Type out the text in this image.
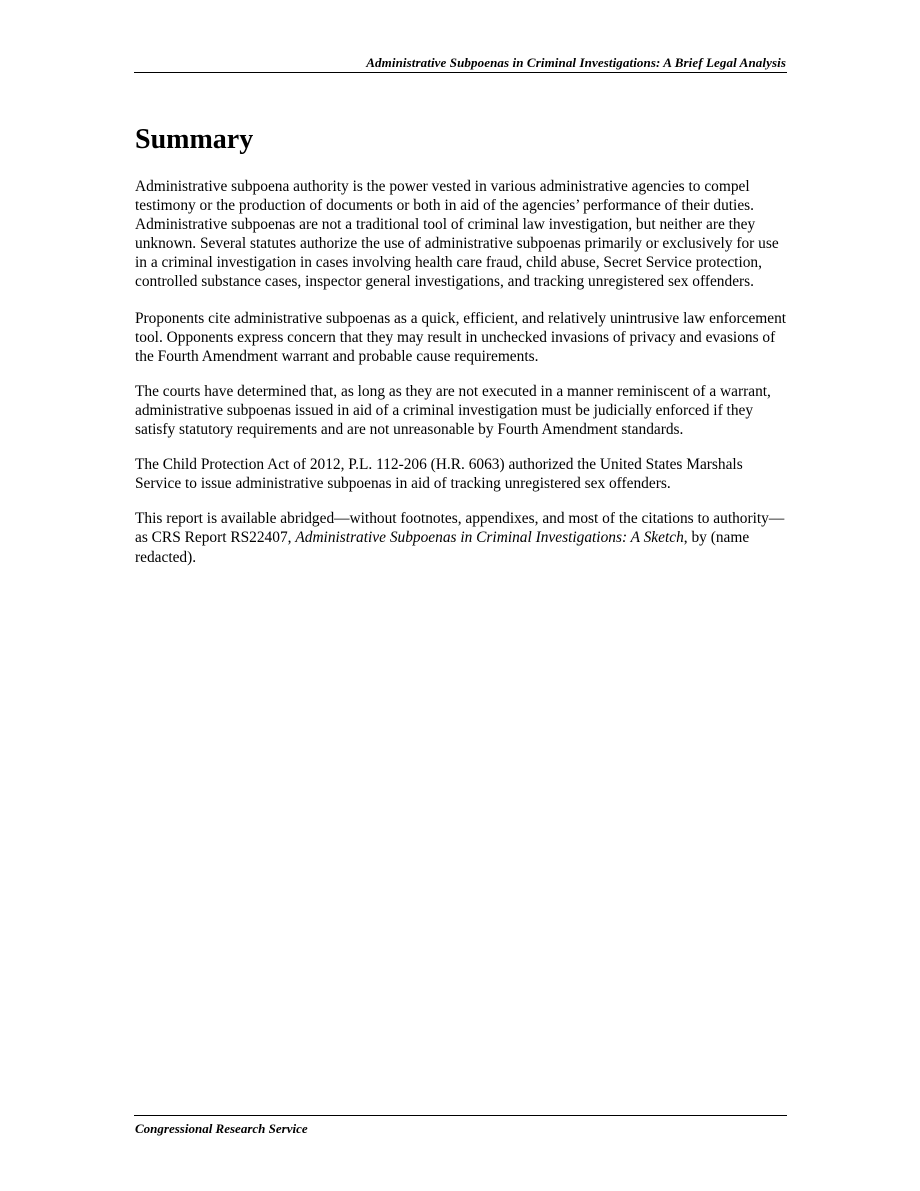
Administrative Subpoenas in Criminal Investigations: A Brief Legal Analysis
Summary

Administrative subpoena authority is the power vested in various administrative agencies to compel testimony or the production of documents or both in aid of the agencies’ performance of their duties. Administrative subpoenas are not a traditional tool of criminal law investigation, but neither are they unknown. Several statutes authorize the use of administrative subpoenas primarily or exclusively for use in a criminal investigation in cases involving health care fraud, child abuse, Secret Service protection, controlled substance cases, inspector general investigations, and tracking unregistered sex offenders.

Proponents cite administrative subpoenas as a quick, efficient, and relatively unintrusive law enforcement tool. Opponents express concern that they may result in unchecked invasions of privacy and evasions of the Fourth Amendment warrant and probable cause requirements.

The courts have determined that, as long as they are not executed in a manner reminiscent of a warrant, administrative subpoenas issued in aid of a criminal investigation must be judicially enforced if they satisfy statutory requirements and are not unreasonable by Fourth Amendment standards.

The Child Protection Act of 2012, P.L. 112-206 (H.R. 6063) authorized the United States Marshals Service to issue administrative subpoenas in aid of tracking unregistered sex offenders.

This report is available abridged—without footnotes, appendixes, and most of the citations to authority—as CRS Report RS22407, Administrative Subpoenas in Criminal Investigations: A Sketch, by (name redacted).

Congressional Research Service
